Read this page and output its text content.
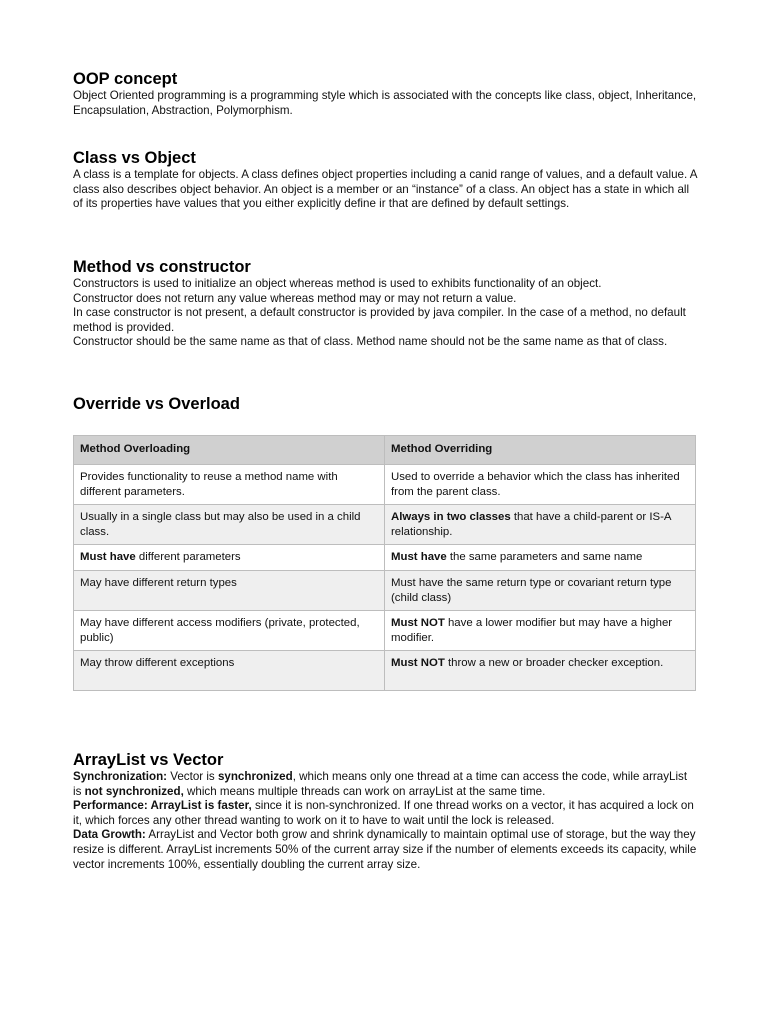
OOP concept

Object Oriented programming is a programming style which is associated with the concepts like class, object, Inheritance, Encapsulation, Abstraction, Polymorphism.

Class vs Object

A class is a template for objects. A class defines object properties including a canid range of values, and a default value. A class also describes object behavior. An object is a member or an “instance” of a class. An object has a state in which all of its properties have values that you either explicitly define ir that are defined by default settings.

Method vs constructor

Constructors is used to initialize an object whereas method is used to exhibits functionality of an object.

Constructor does not return any value whereas method may or may not return a value.

In case constructor is not present, a default constructor is provided by java compiler. In the case of a method, no default method is provided.

Constructor should be the same name as that of class. Method name should not be the same name as that of class.

Override vs Overload
Method Overloading	Method Overriding
Provides functionality to reuse a method name with different parameters.	Used to override a behavior which the class has inherited from the parent class.
Usually in a single class but may also be used in a child class.	Always in two classes that have a child-parent or IS-A relationship.
Must have different parameters	Must have the same parameters and same name
May have different return types	Must have the same return type or covariant return type (child class)
May have different access modifiers (private, protected, public)	Must NOT have a lower modifier but may have a higher modifier.
May throw different exceptions	Must NOT throw a new or broader checker exception.
ArrayList vs Vector

Synchronization: Vector is synchronized, which means only one thread at a time can access the code, while arrayList is not synchronized, which means multiple threads can work on arrayList at the same time.

Performance: ArrayList is faster, since it is non-synchronized. If one thread works on a vector, it has acquired a lock on it, which forces any other thread wanting to work on it to have to wait until the lock is released.

Data Growth: ArrayList and Vector both grow and shrink dynamically to maintain optimal use of storage, but the way they resize is different. ArrayList increments 50% of the current array size if the number of elements exceeds its capacity, while vector increments 100%, essentially doubling the current array size.
